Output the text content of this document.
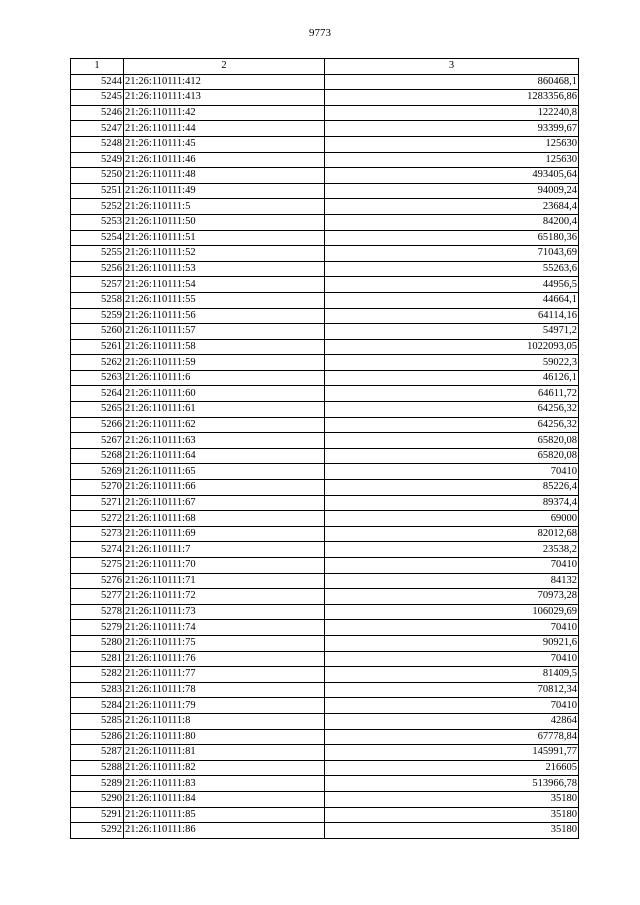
9773
1	2	3
5244	21:26:110111:412	860468,1
5245	21:26:110111:413	1283356,86
5246	21:26:110111:42	122240,8
5247	21:26:110111:44	93399,67
5248	21:26:110111:45	125630
5249	21:26:110111:46	125630
5250	21:26:110111:48	493405,64
5251	21:26:110111:49	94009,24
5252	21:26:110111:5	23684,4
5253	21:26:110111:50	84200,4
5254	21:26:110111:51	65180,36
5255	21:26:110111:52	71043,69
5256	21:26:110111:53	55263,6
5257	21:26:110111:54	44956,5
5258	21:26:110111:55	44664,1
5259	21:26:110111:56	64114,16
5260	21:26:110111:57	54971,2
5261	21:26:110111:58	1022093,05
5262	21:26:110111:59	59022,3
5263	21:26:110111:6	46126,1
5264	21:26:110111:60	64611,72
5265	21:26:110111:61	64256,32
5266	21:26:110111:62	64256,32
5267	21:26:110111:63	65820,08
5268	21:26:110111:64	65820,08
5269	21:26:110111:65	70410
5270	21:26:110111:66	85226,4
5271	21:26:110111:67	89374,4
5272	21:26:110111:68	69000
5273	21:26:110111:69	82012,68
5274	21:26:110111:7	23538,2
5275	21:26:110111:70	70410
5276	21:26:110111:71	84132
5277	21:26:110111:72	70973,28
5278	21:26:110111:73	106029,69
5279	21:26:110111:74	70410
5280	21:26:110111:75	90921,6
5281	21:26:110111:76	70410
5282	21:26:110111:77	81409,5
5283	21:26:110111:78	70812,34
5284	21:26:110111:79	70410
5285	21:26:110111:8	42864
5286	21:26:110111:80	67778,84
5287	21:26:110111:81	145991,77
5288	21:26:110111:82	216605
5289	21:26:110111:83	513966,78
5290	21:26:110111:84	35180
5291	21:26:110111:85	35180
5292	21:26:110111:86	35180
